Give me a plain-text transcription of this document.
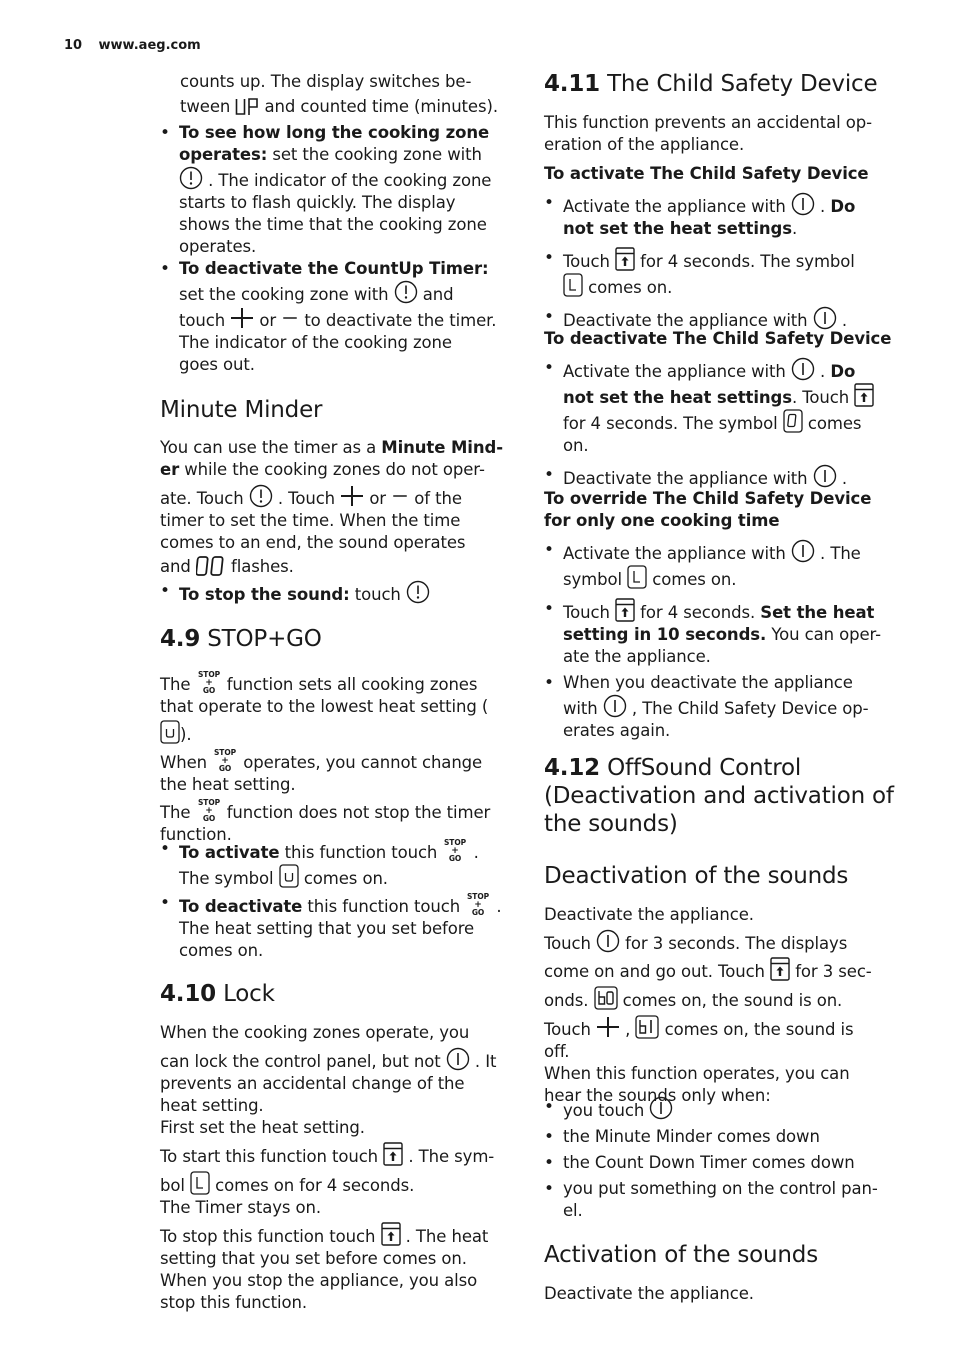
10 www.aeg.com

counts up. The display switches be-

tween
and counted time (minutes).

• To see how long the cooking zone
operates: set the cooking zone with

. The indicator of the cooking zone
starts to flash quickly. The display
shows the time that the cooking zone
operates.
• To deactivate the CountUp Timer:
set the cooking zone with
and
touch
or
to deactivate the timer.
The indicator of the cooking zone
goes out.
Minute Minder

You can use the timer as a Minute Mind-

er while the cooking zones do not oper-

ate. Touch
. Touch
or
of the

timer to set the time. When the time

comes to an end, the sound operates

and
flashes.

• To stop the sound: touch
4.9 STOP+GO

The
STOP
+
GO function sets all cooking zones

that operate to the lowest heat setting (

).

When
STOP
+
GO operates, you cannot change

the heat setting.

The
STOP
+
GO function does not stop the timer

function.

• To activate this function touch
STOP
+
GO .
The symbol
comes on.
• To deactivate this function touch
STOP
+
GO .
The heat setting that you set before
comes on.
4.10 Lock

When the cooking zones operate, you

can lock the control panel, but not
. It

prevents an accidental change of the

heat setting.

First set the heat setting.

To start this function touch
. The sym-

bol
comes on for 4 seconds.

The Timer stays on.

To stop this function touch
. The heat

setting that you set before comes on.

When you stop the appliance, you also

stop this function.

4.11 The Child Safety Device

This function prevents an accidental op-

eration of the appliance.

To activate The Child Safety Device
• Activate the appliance with
. Do
not set the heat settings.
• Touch
for 4 seconds. The symbol

comes on.
• Deactivate the appliance with
.
To deactivate The Child Safety Device
• Activate the appliance with
. Do
not set the heat settings. Touch

for 4 seconds. The symbol
comes
on.
• Deactivate the appliance with
.
To override The Child Safety Device
for only one cooking time
• Activate the appliance with
. The
symbol
comes on.
• Touch
for 4 seconds. Set the heat
setting in 10 seconds. You can oper-
ate the appliance.
• When you deactivate the appliance
with
, The Child Safety Device op-
erates again.
4.12 OffSound Control
(Deactivation and activation of
the sounds)
Deactivation of the sounds

Deactivate the appliance.

Touch
for 3 seconds. The displays

come on and go out. Touch
for 3 sec-

onds.
comes on, the sound is on.

Touch
,
comes on, the sound is

off.

When this function operates, you can

hear the sounds only when:

• you touch
• the Minute Minder comes down
• the Count Down Timer comes down
• you put something on the control pan-
el.
Activation of the sounds

Deactivate the appliance.
